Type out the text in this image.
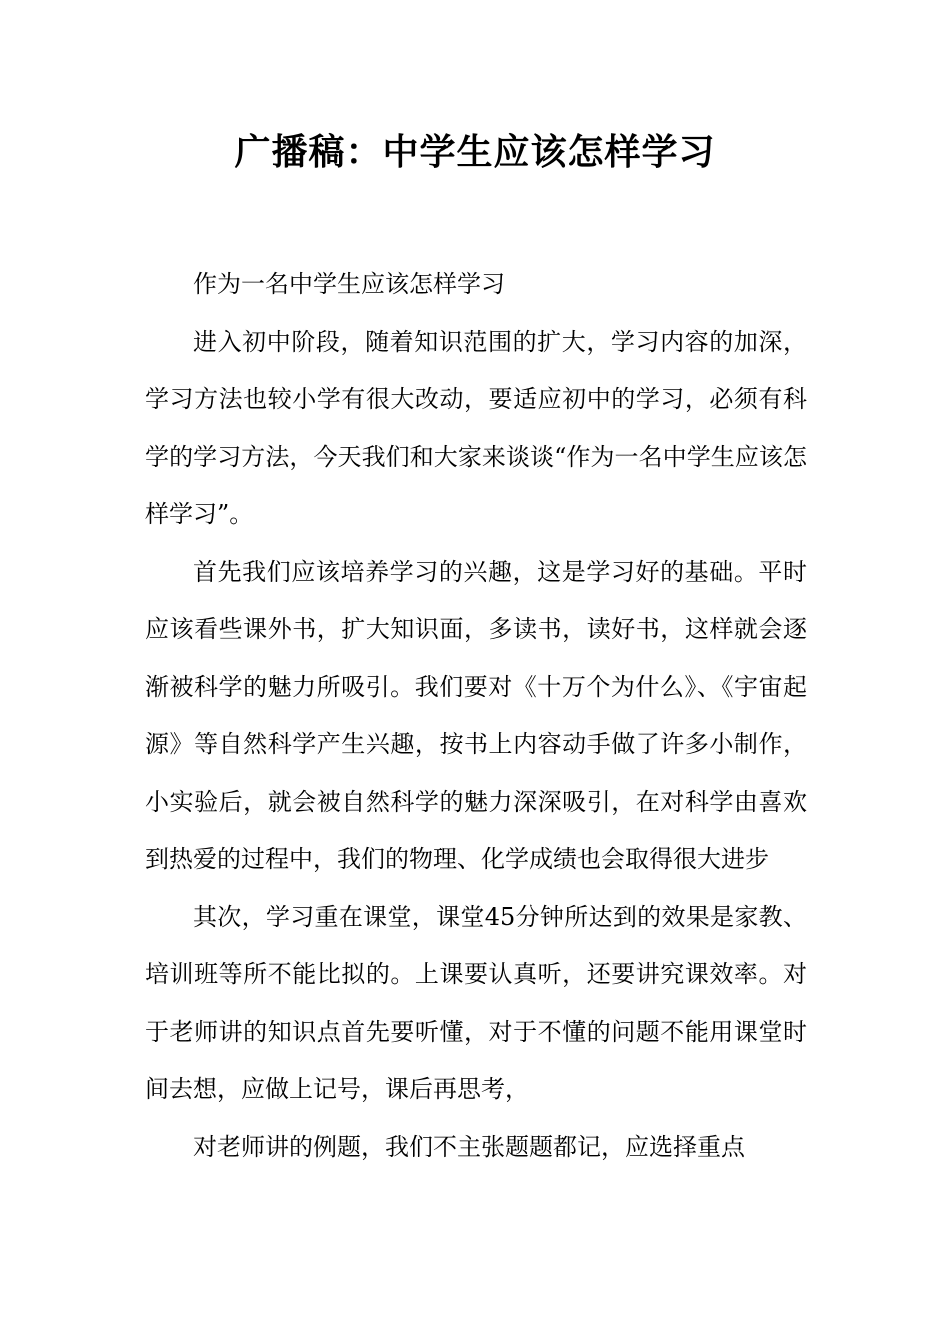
广播稿：中学生应该怎样学习

作为一名中学生应该怎样学习

进入初中阶段，随着知识范围的扩大，学习内容的加深，学习方法也较小学有很大改动，要适应初中的学习，必须有科学的学习方法，今天我们和大家来谈谈“作为一名中学生应该怎样学习”。

首先我们应该培养学习的兴趣，这是学习好的基础。平时应该看些课外书，扩大知识面，多读书，读好书，这样就会逐渐被科学的魅力所吸引。我们要对《十万个为什么》、《宇宙起源》等自然科学产生兴趣，按书上内容动手做了许多小制作，小实验后，就会被自然科学的魅力深深吸引，在对科学由喜欢到热爱的过程中，我们的物理、化学成绩也会取得很大进步

其次，学习重在课堂，课堂45分钟所达到的效果是家教、培训班等所不能比拟的。上课要认真听，还要讲究课效率。对于老师讲的知识点首先要听懂，对于不懂的问题不能用课堂时间去想，应做上记号，课后再思考，

对老师讲的例题，我们不主张题题都记，应选择重点
